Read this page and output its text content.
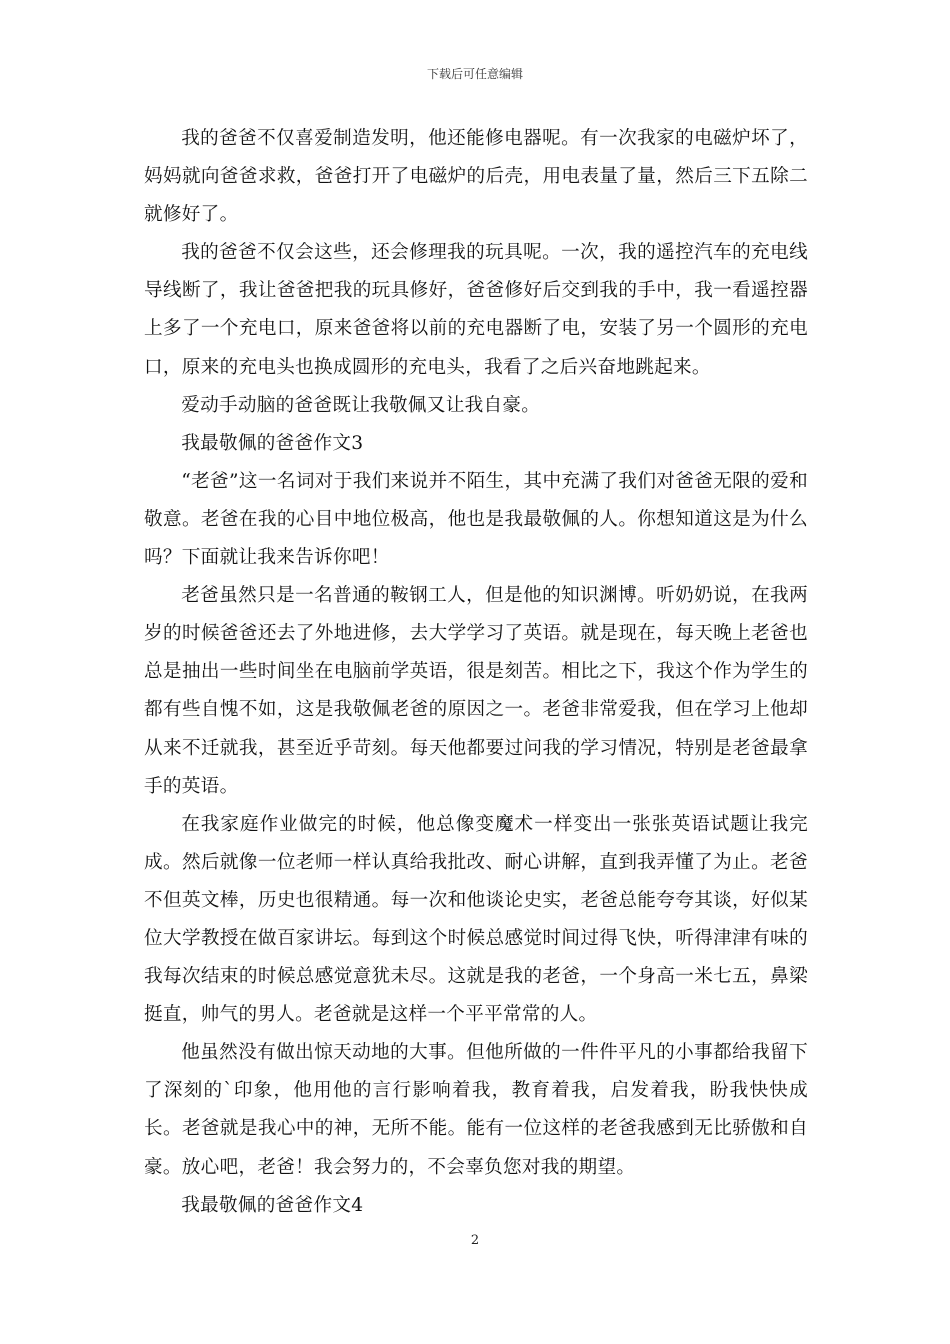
下载后可任意编辑

我的爸爸不仅喜爱制造发明，他还能修电器呢。有一次我家的电磁炉坏了，妈妈就向爸爸求救，爸爸打开了电磁炉的后壳，用电表量了量，然后三下五除二就修好了。

我的爸爸不仅会这些，还会修理我的玩具呢。一次，我的遥控汽车的充电线导线断了，我让爸爸把我的玩具修好，爸爸修好后交到我的手中，我一看遥控器上多了一个充电口，原来爸爸将以前的充电器断了电，安装了另一个圆形的充电口，原来的充电头也换成圆形的充电头，我看了之后兴奋地跳起来。

爱动手动脑的爸爸既让我敬佩又让我自豪。

我最敬佩的爸爸作文3

“老爸”这一名词对于我们来说并不陌生，其中充满了我们对爸爸无限的爱和敬意。老爸在我的心目中地位极高，他也是我最敬佩的人。你想知道这是为什么吗？下面就让我来告诉你吧！

老爸虽然只是一名普通的鞍钢工人，但是他的知识渊博。听奶奶说，在我两岁的时候爸爸还去了外地进修，去大学学习了英语。就是现在，每天晚上老爸也总是抽出一些时间坐在电脑前学英语，很是刻苦。相比之下，我这个作为学生的都有些自愧不如，这是我敬佩老爸的原因之一。老爸非常爱我，但在学习上他却从来不迁就我，甚至近乎苛刻。每天他都要过问我的学习情况，特别是老爸最拿手的英语。

在我家庭作业做完的时候，他总像变魔术一样变出一张张英语试题让我完成。然后就像一位老师一样认真给我批改、耐心讲解，直到我弄懂了为止。老爸不但英文棒，历史也很精通。每一次和他谈论史实，老爸总能夸夸其谈，好似某位大学教授在做百家讲坛。每到这个时候总感觉时间过得飞快，听得津津有味的我每次结束的时候总感觉意犹未尽。这就是我的老爸，一个身高一米七五，鼻梁挺直，帅气的男人。老爸就是这样一个平平常常的人。

他虽然没有做出惊天动地的大事。但他所做的一件件平凡的小事都给我留下了深刻的`印象，他用他的言行影响着我，教育着我，启发着我，盼我快快成长。老爸就是我心中的神，无所不能。能有一位这样的老爸我感到无比骄傲和自豪。放心吧，老爸！我会努力的，不会辜负您对我的期望。

我最敬佩的爸爸作文4

2
